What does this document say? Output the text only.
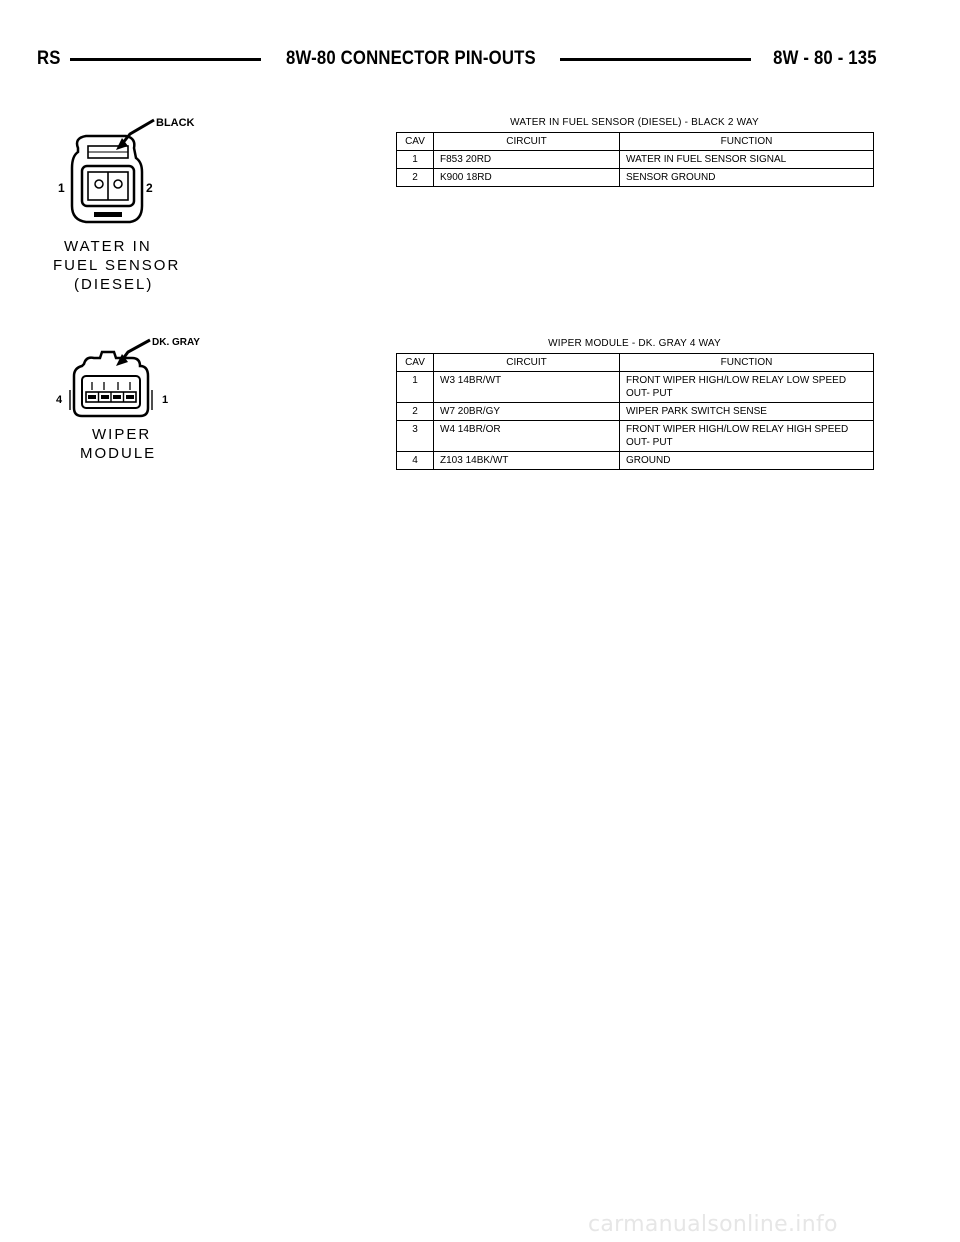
RS	8W-80 CONNECTOR PIN-OUTS	8W - 80 - 135
BLACK
1	2
WATER IN
FUEL SENSOR
(DIESEL)
WATER IN FUEL SENSOR (DIESEL) - BLACK 2 WAY
CAV	CIRCUIT	FUNCTION
1	F853 20RD	WATER IN FUEL SENSOR SIGNAL
2	K900 18RD	SENSOR GROUND
DK. GRAY
4	1
WIPER
MODULE
WIPER MODULE - DK. GRAY 4 WAY
CAV	CIRCUIT	FUNCTION
1	W3 14BR/WT	FRONT WIPER HIGH/LOW RELAY LOW SPEED OUT- PUT
2	W7 20BR/GY	WIPER PARK SWITCH SENSE
3	W4 14BR/OR	FRONT WIPER HIGH/LOW RELAY HIGH SPEED OUT- PUT
4	Z103 14BK/WT	GROUND
carmanualsonline.info
